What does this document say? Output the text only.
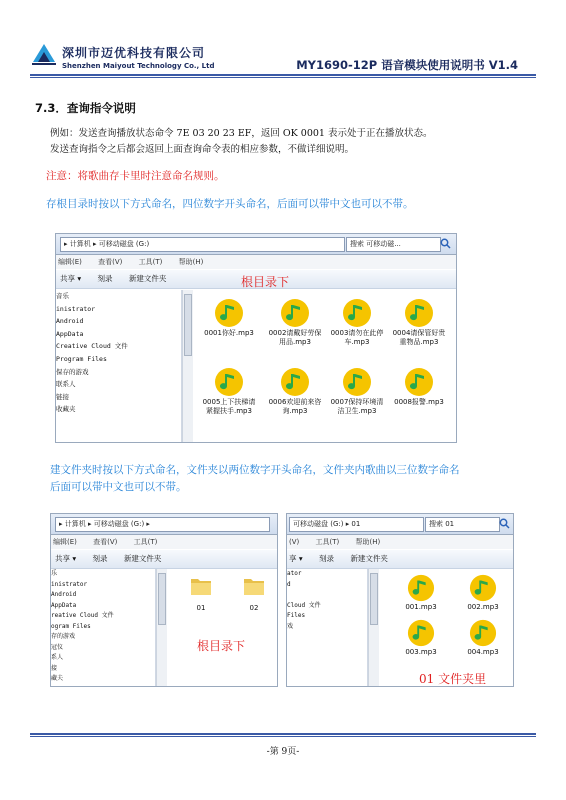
深圳市迈优科技有限公司
Shenzhen Maiyout Technology Co., Ltd	MY1690-12P 语音模块使用说明书 V1.4
7.3．查询指令说明
例如：发送查询播放状态命令 7E 03 20 23 EF，返回 OK 0001 表示处于正在播放状态。
发送查询指令之后都会返回上面查询命令表的相应参数，不做详细说明。
注意：将歌曲存卡里时注意命名规则。
存根目录时按以下方式命名，四位数字开头命名，后面可以带中文也可以不带。
▸ 计算机 ▸ 可移动磁盘 (G:)	搜索 可移动磁...
编辑(E) 查看(V) 工具(T) 帮助(H)
共享 ▾ 刻录 新建文件夹
音乐
inistrator
Android
AppData
Creative Cloud 文件
Program Files
保存的游戏
联系人
链接
收藏夹
根目录下
0001你好.mp3	0002请戴好劳保用品.mp3
0003请勿在此停车.mp3
0004请保管好贵重物品.mp3
0005上下扶梯请紧握扶手.mp3
0006欢迎前来咨询.mp3
0007保持环境清洁卫生.mp3
0008报警.mp3
建文件夹时按以下方式命名，文件夹以两位数字开头命名，文件夹内歌曲以三位数字命名
后面可以带中文也可以不带。
▸ 计算机 ▸ 可移动磁盘 (G:) ▸
编辑(E) 查看(V) 工具(T)
共享 ▾ 刻录 新建文件夹
乐
inistrator
Android
AppData
reative Cloud 文件
ogram Files
存的游戏
冠仪
系人
接
藏夫
01	02
根目录下
可移动磁盘 (G:) ▸ 01	搜索 01
(V) 工具(T) 帮助(H)
享 ▾ 刻录 新建文件夹
ator
d
Cloud 文件
Files
戏
001.mp3	002.mp3
003.mp3	004.mp3
01 文件夹里
-第 9页-
